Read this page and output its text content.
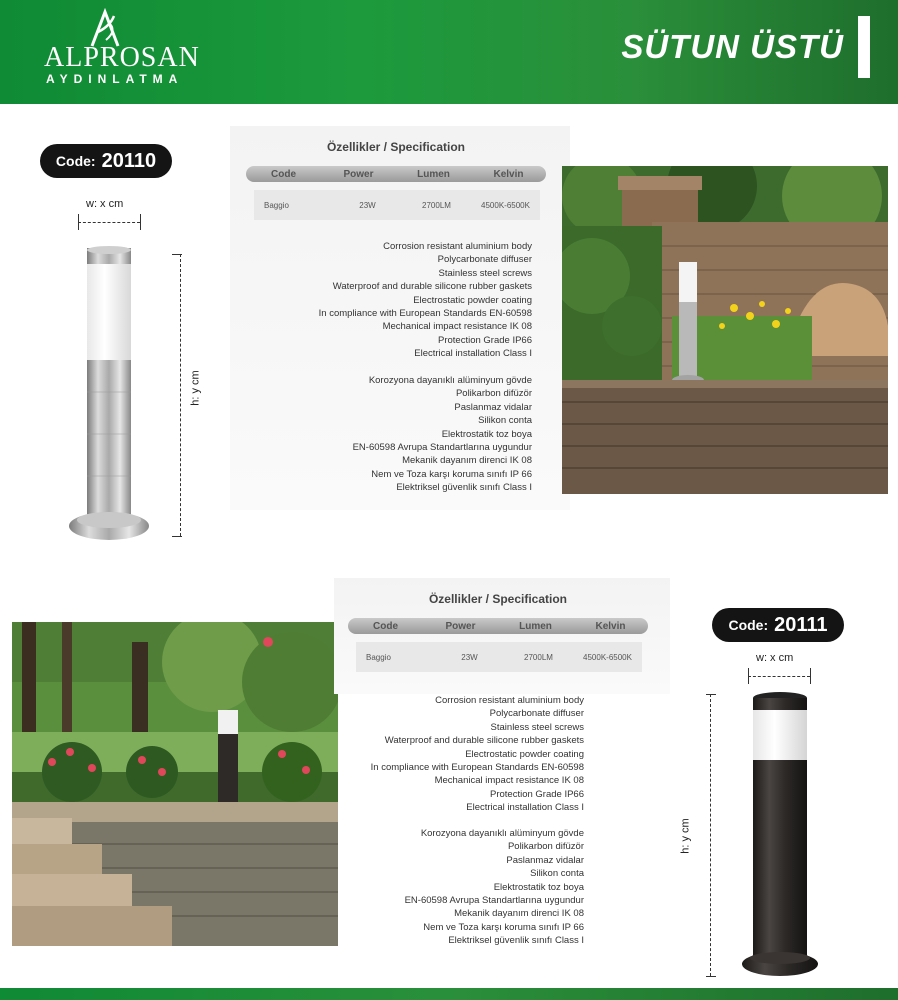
ALPROSAN
AYDINLATMA
SÜTUN ÜSTÜ
Code: 20110
w: x cm
h: y cm
Özellikler / Specification
Code	Power	Lumen	Kelvin
Baggio	23W	2700LM	4500K-6500K
Corrosion resistant aluminium body
Polycarbonate diffuser
Stainless steel screws
Waterproof and durable silicone rubber gaskets
Electrostatic powder coating
In compliance with European Standards EN-60598
Mechanical impact resistance IK 08
Protection Grade IP66
Electrical installation Class I
Korozyona dayanıklı alüminyum gövde
Polikarbon difüzör
Paslanmaz vidalar
Silikon conta
Elektrostatik toz boya
EN-60598 Avrupa Standartlarına uygundur
Mekanik dayanım direnci IK 08
Nem ve Toza karşı koruma sınıfı IP 66
Elektriksel güvenlik sınıfı Class I
Özellikler / Specification
Code	Power	Lumen	Kelvin
Baggio	23W	2700LM	4500K-6500K
Corrosion resistant aluminium body
Polycarbonate diffuser
Stainless steel screws
Waterproof and durable silicone rubber gaskets
Electrostatic powder coating
In compliance with European Standards EN-60598
Mechanical impact resistance IK 08
Protection Grade IP66
Electrical installation Class I
Korozyona dayanıklı alüminyum gövde
Polikarbon difüzör
Paslanmaz vidalar
Silikon conta
Elektrostatik toz boya
EN-60598 Avrupa Standartlarına uygundur
Mekanik dayanım direnci IK 08
Nem ve Toza karşı koruma sınıfı IP 66
Elektriksel güvenlik sınıfı Class I
Code: 20111
w: x cm
h: y cm
